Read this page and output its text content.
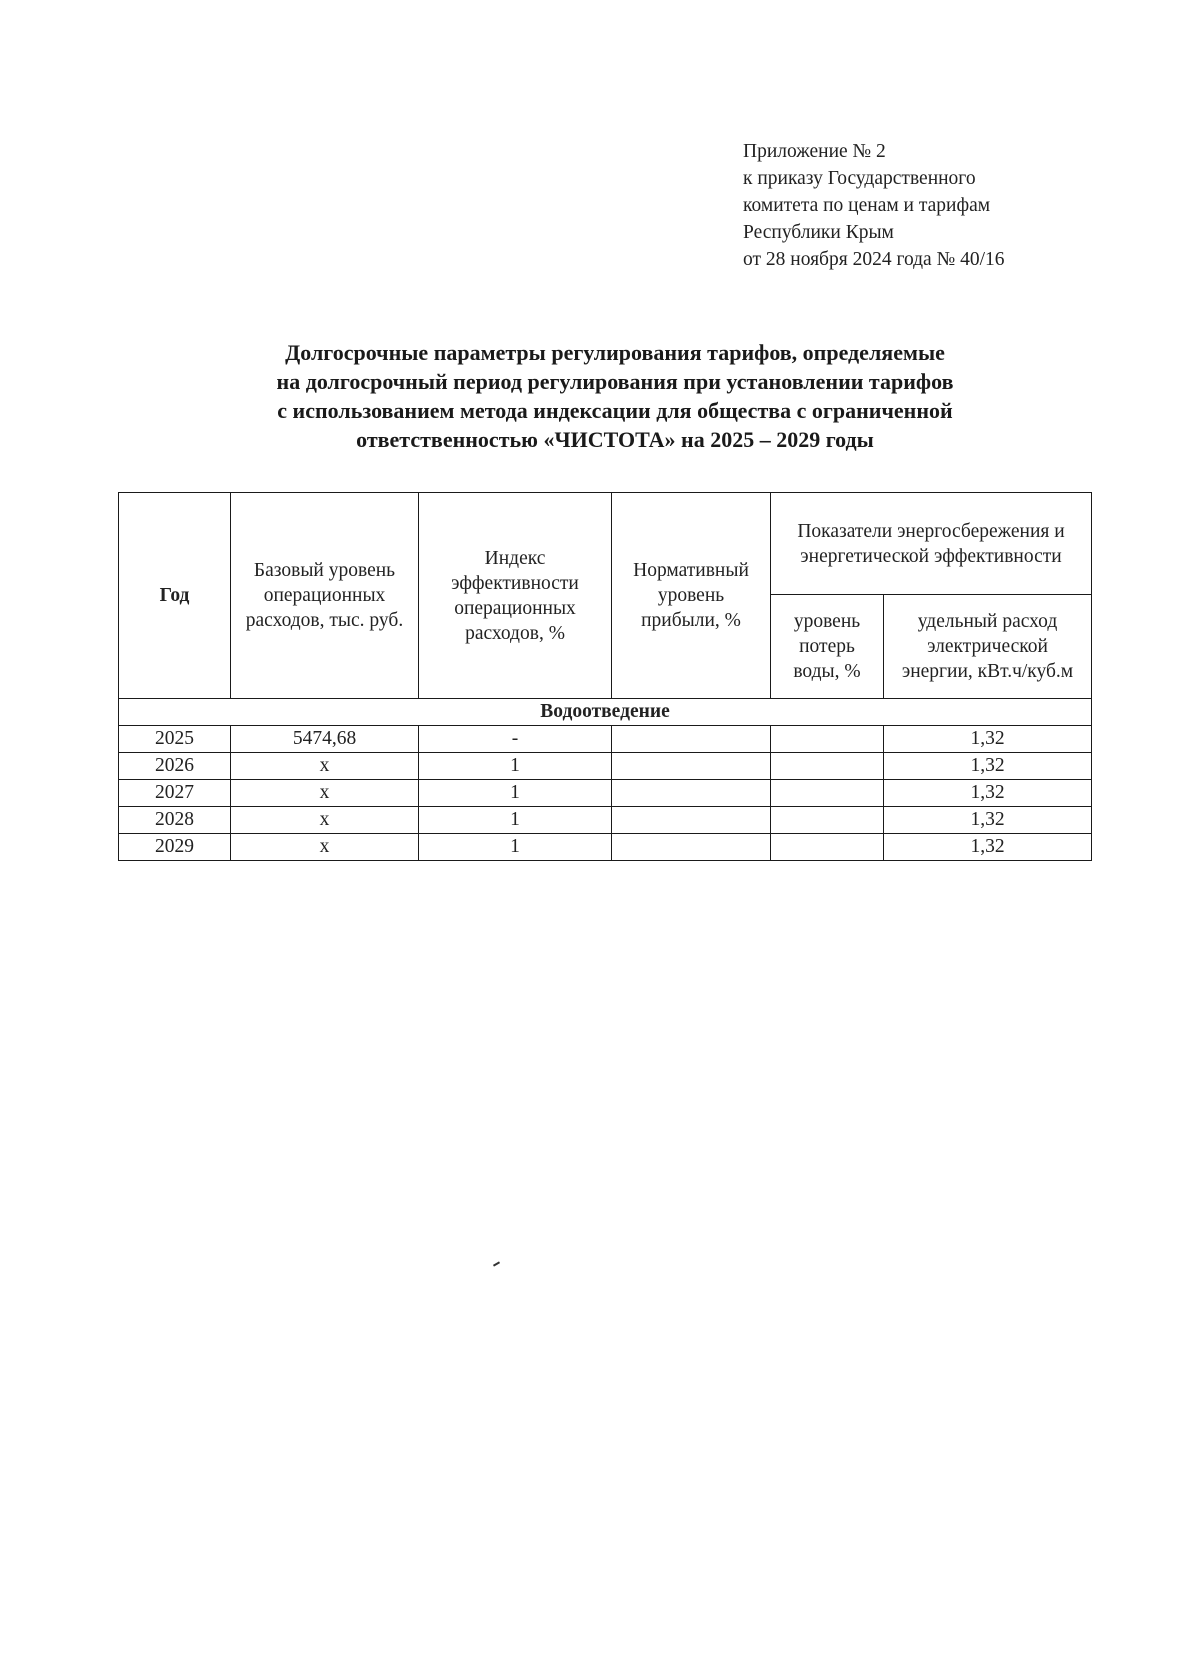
Приложение № 2
к приказу Государственного
комитета по ценам и тарифам
Республики Крым
от 28 ноября 2024 года № 40/16
Долгосрочные параметры регулирования тарифов, определяемые
на долгосрочный период регулирования при установлении тарифов
с использованием метода индексации для общества с ограниченной
ответственностью «ЧИСТОТА» на 2025 – 2029 годы
Год	Базовый уровень операционных расходов, тыс. руб.	Индекс эффективности операционных расходов, %	Нормативный уровень прибыли, %	Показатели энергосбережения и энергетической эффективности	

				уровень потерь воды, %	удельный расход электрической энергии, кВт.ч/куб.м

Водоотведение					
2025	5474,68	-			1,32
2026	х	1			1,32
2027	х	1			1,32
2028	х	1			1,32
2029	х	1			1,32
